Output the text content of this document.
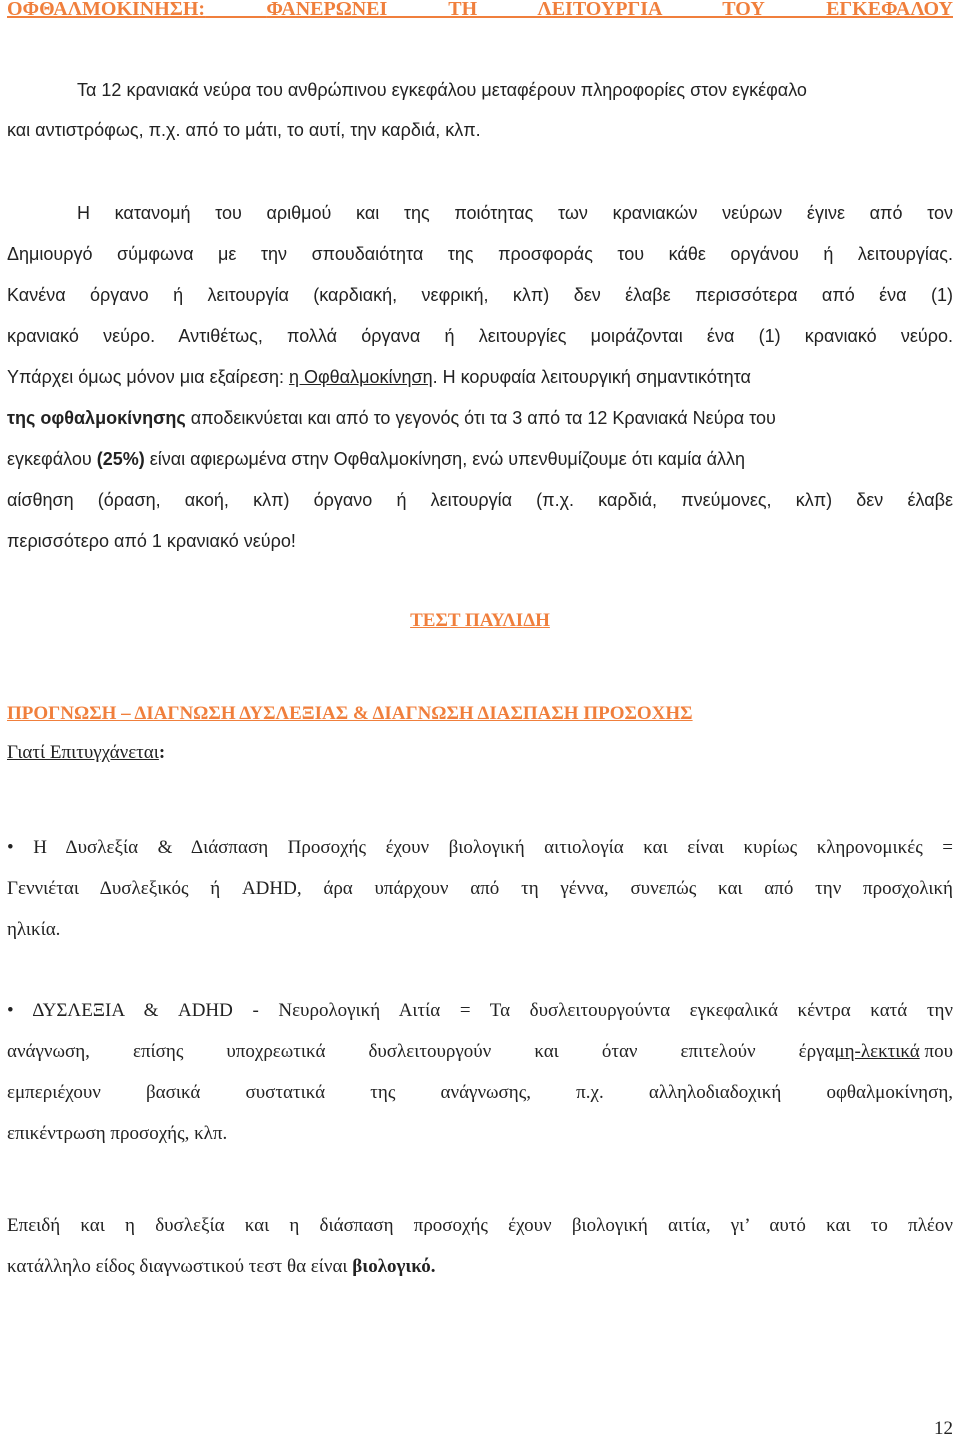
ΟΦΘΑΛΜΟΚΙΝΗΣΗ:	ΦΑΝΕΡΩΝΕΙ ΤΗ ΛΕΙΤΟΥΡΓΙΑ ΤΟΥ ΕΓΚΕΦΑΛΟΥ
Τα 12 κρανιακά νεύρα του ανθρώπινου εγκεφάλου μεταφέρουν πληροφορίες στον εγκέφαλο
και αντιστρόφως, π.χ. από το μάτι, το αυτί, την καρδιά, κλπ.
Η κατανομή του αριθμού και της ποιότητας των κρανιακών νεύρων έγινε από τον
Δημιουργό σύμφωνα με την σπουδαιότητα της προσφοράς του κάθε οργάνου ή λειτουργίας.
Κανένα όργανο ή λειτουργία (καρδιακή, νεφρική, κλπ) δεν έλαβε περισσότερα από ένα (1)
κρανιακό νεύρο. Αντιθέτως, πολλά όργανα ή λειτουργίες μοιράζονται ένα (1) κρανιακό νεύρο.
Υπάρχει όμως μόνον μια εξαίρεση: η Οφθαλμοκίνηση. Η κορυφαία λειτουργική σημαντικότητα
της οφθαλμοκίνησης αποδεικνύεται και από το γεγονός ότι τα 3 από τα 12 Κρανιακά Νεύρα του
εγκεφάλου (25%) είναι αφιερωμένα στην Οφθαλμοκίνηση, ενώ υπενθυμίζουμε ότι καμία άλλη
αίσθηση (όραση, ακοή, κλπ) όργανο ή λειτουργία (π.χ. καρδιά, πνεύμονες, κλπ) δεν έλαβε
περισσότερο από 1 κρανιακό νεύρο!
ΤΕΣΤ ΠΑΥΛΙΔΗ
ΠΡΟΓΝΩΣΗ – ΔΙΑΓΝΩΣΗ ΔΥΣΛΕΞΙΑΣ & ΔΙΑΓΝΩΣΗ ΔΙΑΣΠΑΣΗ ΠΡΟΣΟΧΗΣ
Γιατί Επιτυγχάνεται:
• Η Δυσλεξία & Διάσπαση Προσοχής έχουν βιολογική αιτιολογία και είναι κυρίως κληρονομικές =
Γεννιέται Δυσλεξικός ή ADHD, άρα υπάρχουν από τη γέννα, συνεπώς και από την προσχολική
ηλικία.
• ΔΥΣΛΕΞΙΑ & ADHD - Νευρολογική Αιτία = Τα δυσλειτουργούντα εγκεφαλικά κέντρα κατά την
ανάγνωση, επίσης υποχρεωτικά δυσλειτουργούν και όταν επιτελούν έργα μη-λεκτικά που
εμπεριέχουν βασικά συστατικά της ανάγνωσης, π.χ. αλληλοδιαδοχική οφθαλμοκίνηση,
επικέντρωση προσοχής, κλπ.
Επειδή και η δυσλεξία και η διάσπαση προσοχής έχουν βιολογική αιτία, γι’ αυτό και το πλέον
κατάλληλο είδος διαγνωστικού τεστ θα είναι βιολογικό.
12
